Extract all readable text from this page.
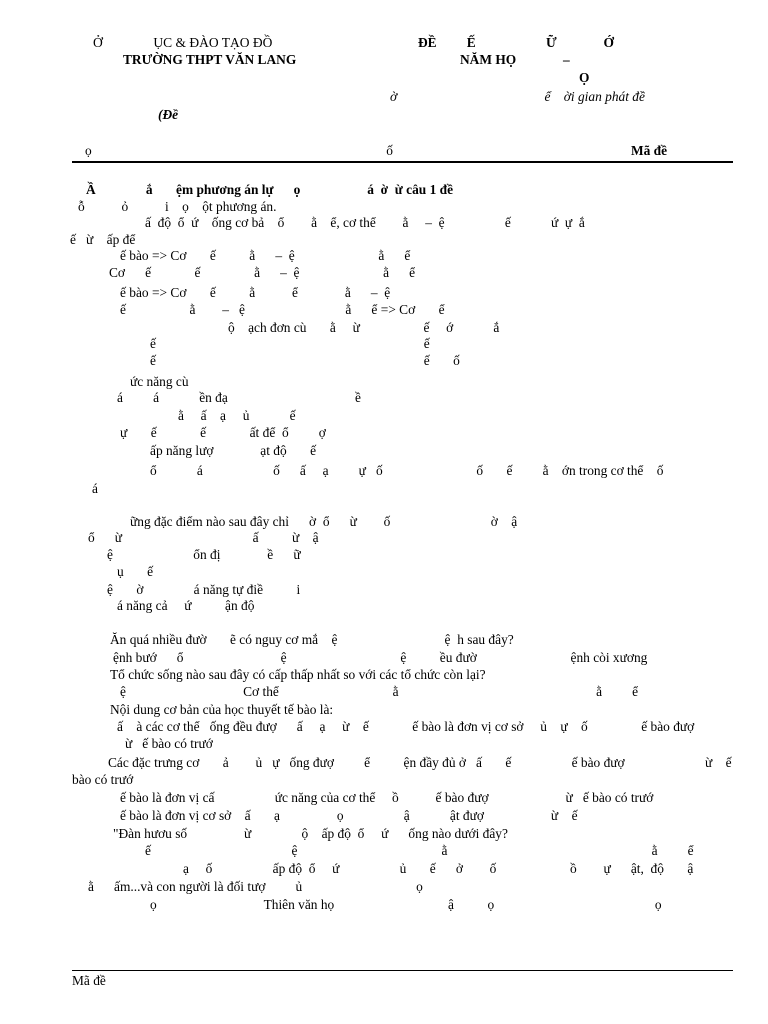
Ở               ỤC & ĐÀO TẠO ĐỒ	ĐỀ         Ế                     Ữ              Ớ
TRƯỜNG THPT VĂN LANG	NĂM HỌ              –
Ọ
ờ                                            ể    ời gian phát đề
(Đề
ọ                                                                                        ố	Mã đề
Ầ               ắ       ệm phương án lự      ọ                    á  ờ  ừ câu 1 đề
ỗ           ỏ           i    ọ    ột phương án.
ấ  độ  ổ  ứ    ống cơ bả    ổ        ằ    ể, cơ thể        ằ     –  ệ                  ế            ứ  ự  ắ
ế   ừ    ấp để
ế bào => Cơ       ế          ằ      –  ệ                         ằ      ể
Cơ      ế             ế                ằ      –  ệ                         ằ      ể
ế bào => Cơ       ế          ằ           ể              ằ      –  ệ
ế                   ằ        –   ệ                              ằ      ể => Cơ       ể
ộ    ạch đơn cù       ằ     ừ                   ế     ớ            ắ
ế                                                                                ế
ế                                                                                ế       ố
ức năng cù
á         á            ền đạ                                      ề
ằ     ấ    ạ     ủ            ế
ự       ế             ế             ất để  ổ         ợ
ấp năng lượ              ạt độ       ế
ổ            á                     ố      ấ     ạ         ự   ố                            ố       ế         ằ    ớn trong cơ thể    ố
á
ững đặc điểm nào sau đây chỉ      ờ  ổ      ừ        ố                              ờ    ậ
ổ      ừ                                       ấ          ừ    ậ
ệ                        ổn đị              ề      ữ
ụ       ế
ệ       ờ               á năng tự điề          i
á năng cả     ứ          ận độ
Ăn quá nhiều đườ       ẽ có nguy cơ mắ    ệ                                ệ  h sau đây?
ệnh bướ      ổ                             ệ                                  ệ          ều đườ                            ệnh còi xương
Tổ chức sống nào sau đây có cấp thấp nhất so với các tổ chức còn lại?
ệ                                   Cơ thể                                  ằ                                                           ằ         ể
Nội dung cơ bản của học thuyết tế bào là:
ấ    à các cơ thể   ống đều đượ      ấ     ạ     ừ    ế             ế bào là đơn vị cơ sở     ủ    ự    ố                ế bào đượ
ừ   ế bào có trướ
Các đặc trưng cơ       ả        ủ   ự   ống đượ         ể          ện đầy đủ ở   ấ       ế                  ế bào đượ                        ừ    ế
bào có trướ
ế bào là đơn vị cấ                  ức năng của cơ thể     ồ           ế bào đượ                       ừ   ế bào có trướ
ế bào là đơn vị cơ sở    ấ       ạ                 ọ                  ậ            ật đượ                    ừ    ế
"Đàn hươu số                 ừ               ộ    ấp độ  ổ     ứ      ống nào dưới đây?
ế                                          ệ                                           ằ                                                             ằ         ể
ạ     ố                  ấp độ  ổ     ứ                  ủ       ế      ở        ố                      ồ        ự      ật,  độ       ậ
ằ      ấm...và con người là đối tượ         ủ                                  ọ
ọ                                Thiên văn họ                                  ậ          ọ                                                ọ
Mã đề
